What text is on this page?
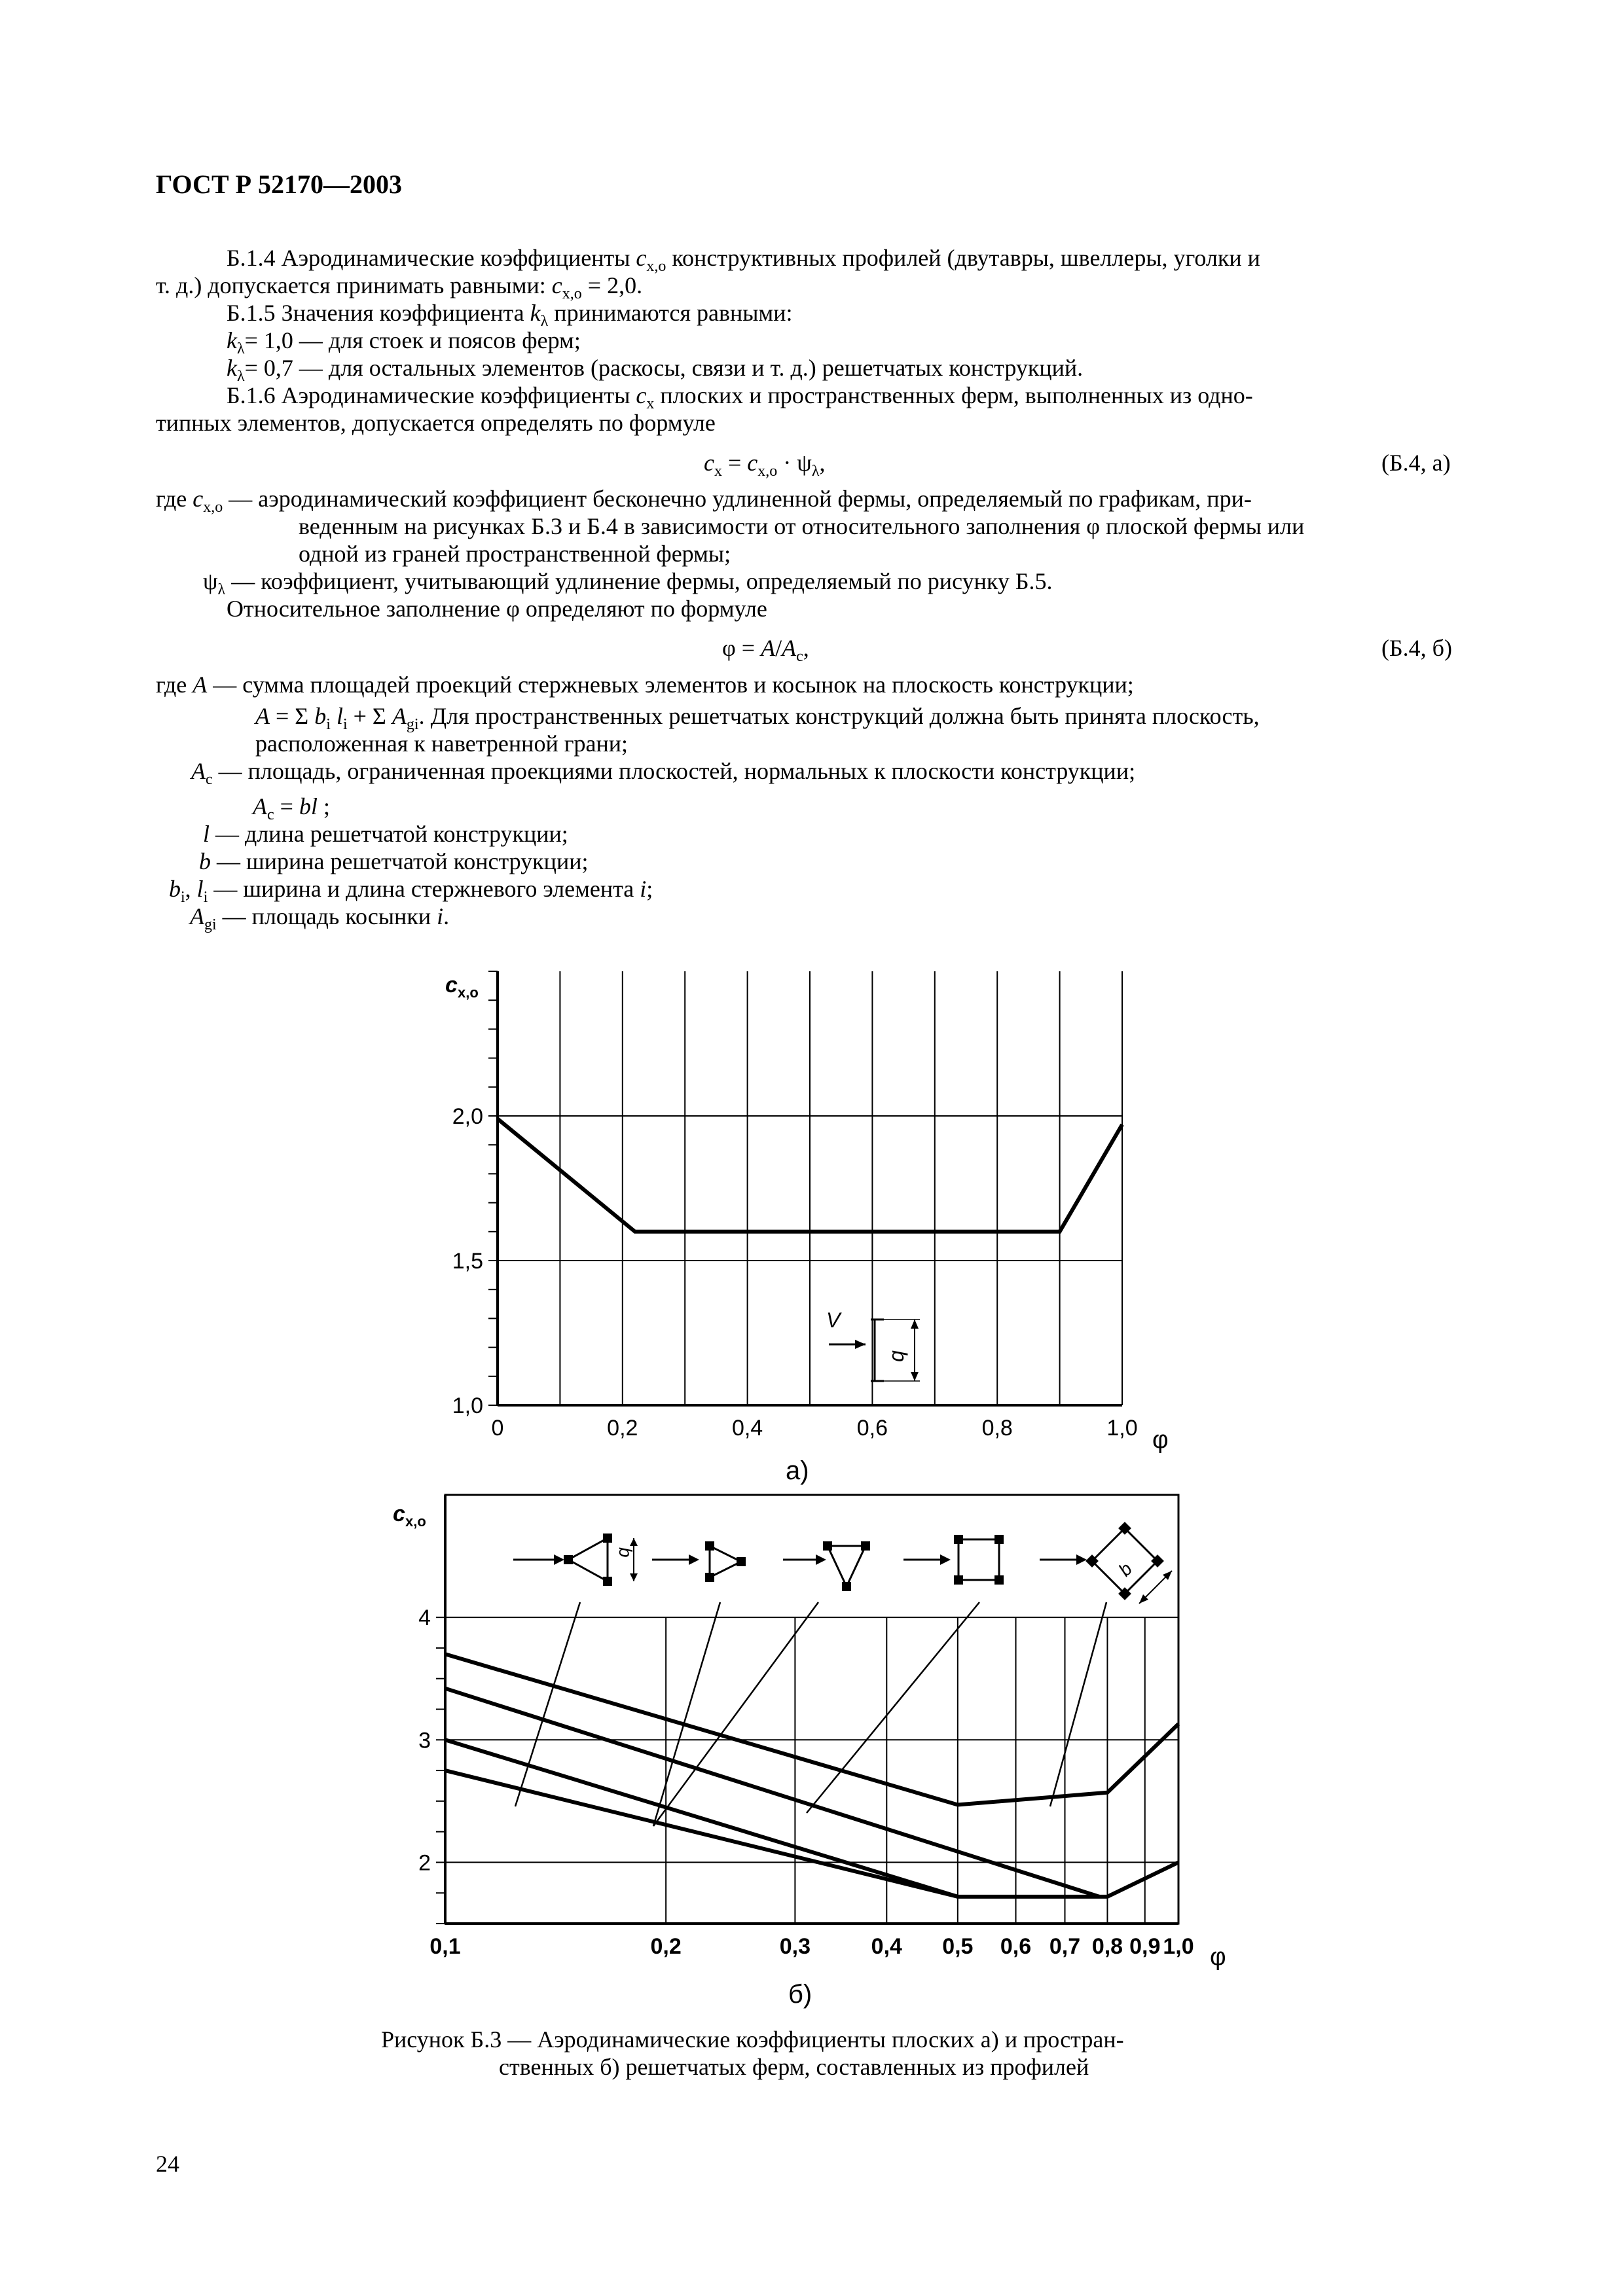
ГОСТ Р 52170—2003
Б.1.4 Аэродинамические коэффициенты $c_{x,o}$ конструктивных профилей (двутавры, швеллеры, уголки и
т. д.) допускается принимать равными: $c_{x,o} = 2,0$.
Б.1.5 Значения коэффициента $k_\lambda$ принимаются равными:
$k_\lambda= 1,0$ — для стоек и поясов ферм;
$k_\lambda= 0,7$ — для остальных элементов (раскосы, связи и т. д.) решетчатых конструкций.
Б.1.6 Аэродинамические коэффициенты $c_x$ плоских и пространственных ферм, выполненных из одно-
типных элементов, допускается определять по формуле
$c_x = c_{x,o} \cdot \psi_\lambda$,	(Б.4, а)
где $c_{x,o}$ — аэродинамический коэффициент бесконечно удлиненной фермы, определяемый по графикам, при-
веденным на рисунках Б.3 и Б.4 в зависимости от относительного заполнения φ плоской фермы или
одной из граней пространственной фермы;
$\psi_\lambda$ — коэффициент, учитывающий удлинение фермы, определяемый по рисунку Б.5.
Относительное заполнение φ определяют по формуле
$\varphi = A/A_c$,	(Б.4, б)
где A — сумма площадей проекций стержневых элементов и косынок на плоскость конструкции;
A = Σ $b_i$ $l_i + \Sigma$ $A_{gi}$. Для пространственных решетчатых конструкций должна быть принята плоскость,
расположенная к наветренной грани;
$A_c$ — площадь, ограниченная проекциями плоскостей, нормальных к плоскости конструкции;
$A_c$ = bl ;
l — длина решетчатой конструкции;
b — ширина решетчатой конструкции;
$b_i$, $l_i$ — ширина и длина стержневого элемента i;
$A_{gi}$ — площадь косынки i.
0	0,2	0,4	0,6	0,8	1,0
1,0
1,5
2,0
V
b
c x,o
φ
а)
0,1	0,2	0,3	0,4 0,5 0,6 0,7 0,8 0,9 1,0
2
3
4
c x,o
φ
б)
b
b
Рисунок Б.3 — Аэродинамические коэффициенты плоских а) и простран-
ственных б) решетчатых ферм, составленных из профилей
24
